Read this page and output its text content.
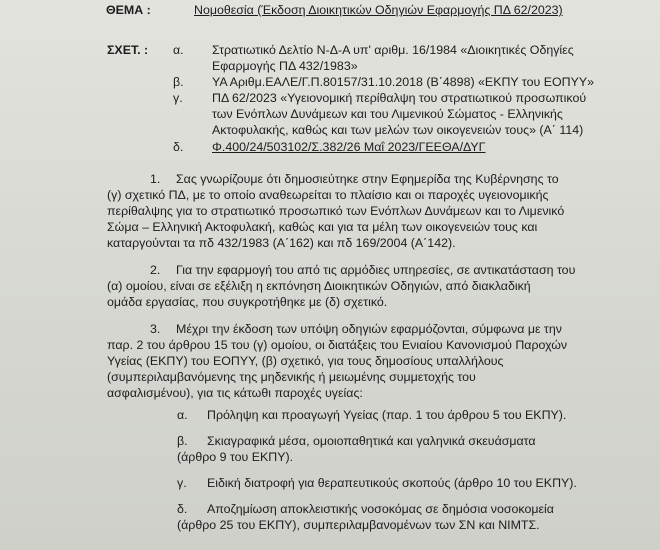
ΘΕΜΑ :	Νομοθεσία (Έκδοση Διοικητικών Οδηγιών Εφαρμογής ΠΔ 62/2023)
ΣΧΕΤ. : α. Στρατιωτικό Δελτίο Ν-Δ-Α υπ' αριθμ. 16/1984 «Διοικητικές Οδηγίες
Εφαρμογής ΠΔ 432/1983»
β. ΥΑ Αριθμ.ΕΑΛΕ/Γ.Π.80157/31.10.2018 (Β΄4898) «ΕΚΠΥ του ΕΟΠΥΥ»
γ. ΠΔ 62/2023 «Υγειονομική περίθαλψη του στρατιωτικού προσωπικού
των Ενόπλων Δυνάμεων και του Λιμενικού Σώματος - Ελληνικής
Ακτοφυλακής, καθώς και των μελών των οικογενειών τους» (Α΄ 114)
δ. Φ.400/24/503102/Σ.382/26 Μαΐ 2023/ΓΕΕΘΑ/ΔΥΓ
1. Σας γνωρίζουμε ότι δημοσιεύτηκε στην Εφημερίδα της Κυβέρνησης το
(γ) σχετικό ΠΔ, με το οποίο αναθεωρείται το πλαίσιο και οι παροχές υγειονομικής
περίθαλψης για το στρατιωτικό προσωπικό των Ενόπλων Δυνάμεων και το Λιμενικό
Σώμα – Ελληνική Ακτοφυλακή, καθώς και για τα μέλη των οικογενειών τους και
καταργούνται τα πδ 432/1983 (Α΄162) και πδ 169/2004 (Α΄142).
2. Για την εφαρμογή του από τις αρμόδιες υπηρεσίες, σε αντικατάσταση του
(α) ομοίου, είναι σε εξέλιξη η εκπόνηση Διοικητικών Οδηγιών, από διακλαδική
ομάδα εργασίας, που συγκροτήθηκε με (δ) σχετικό.
3. Μέχρι την έκδοση των υπόψη οδηγιών εφαρμόζονται, σύμφωνα με την
παρ. 2 του άρθρου 15 του (γ) ομοίου, οι διατάξεις του Ενιαίου Κανονισμού Παροχών
Υγείας (ΕΚΠΥ) του ΕΟΠΥΥ, (β) σχετικό, για τους δημοσίους υπαλλήλους
(συμπεριλαμβανόμενης της μηδενικής ή μειωμένης συμμετοχής του
ασφαλισμένου), για τις κάτωθι παροχές υγείας:
α. Πρόληψη και προαγωγή Υγείας (παρ. 1 του άρθρου 5 του ΕΚΠΥ).
β. Σκιαγραφικά μέσα, ομοιοπαθητικά και γαληνικά σκευάσματα
(άρθρο 9 του ΕΚΠΥ).
γ. Ειδική διατροφή για θεραπευτικούς σκοπούς (άρθρο 10 του ΕΚΠΥ).
δ. Αποζημίωση αποκλειστικής νοσοκόμας σε δημόσια νοσοκομεία
(άρθρο 25 του ΕΚΠΥ), συμπεριλαμβανομένων των ΣΝ και ΝΙΜΤΣ.
